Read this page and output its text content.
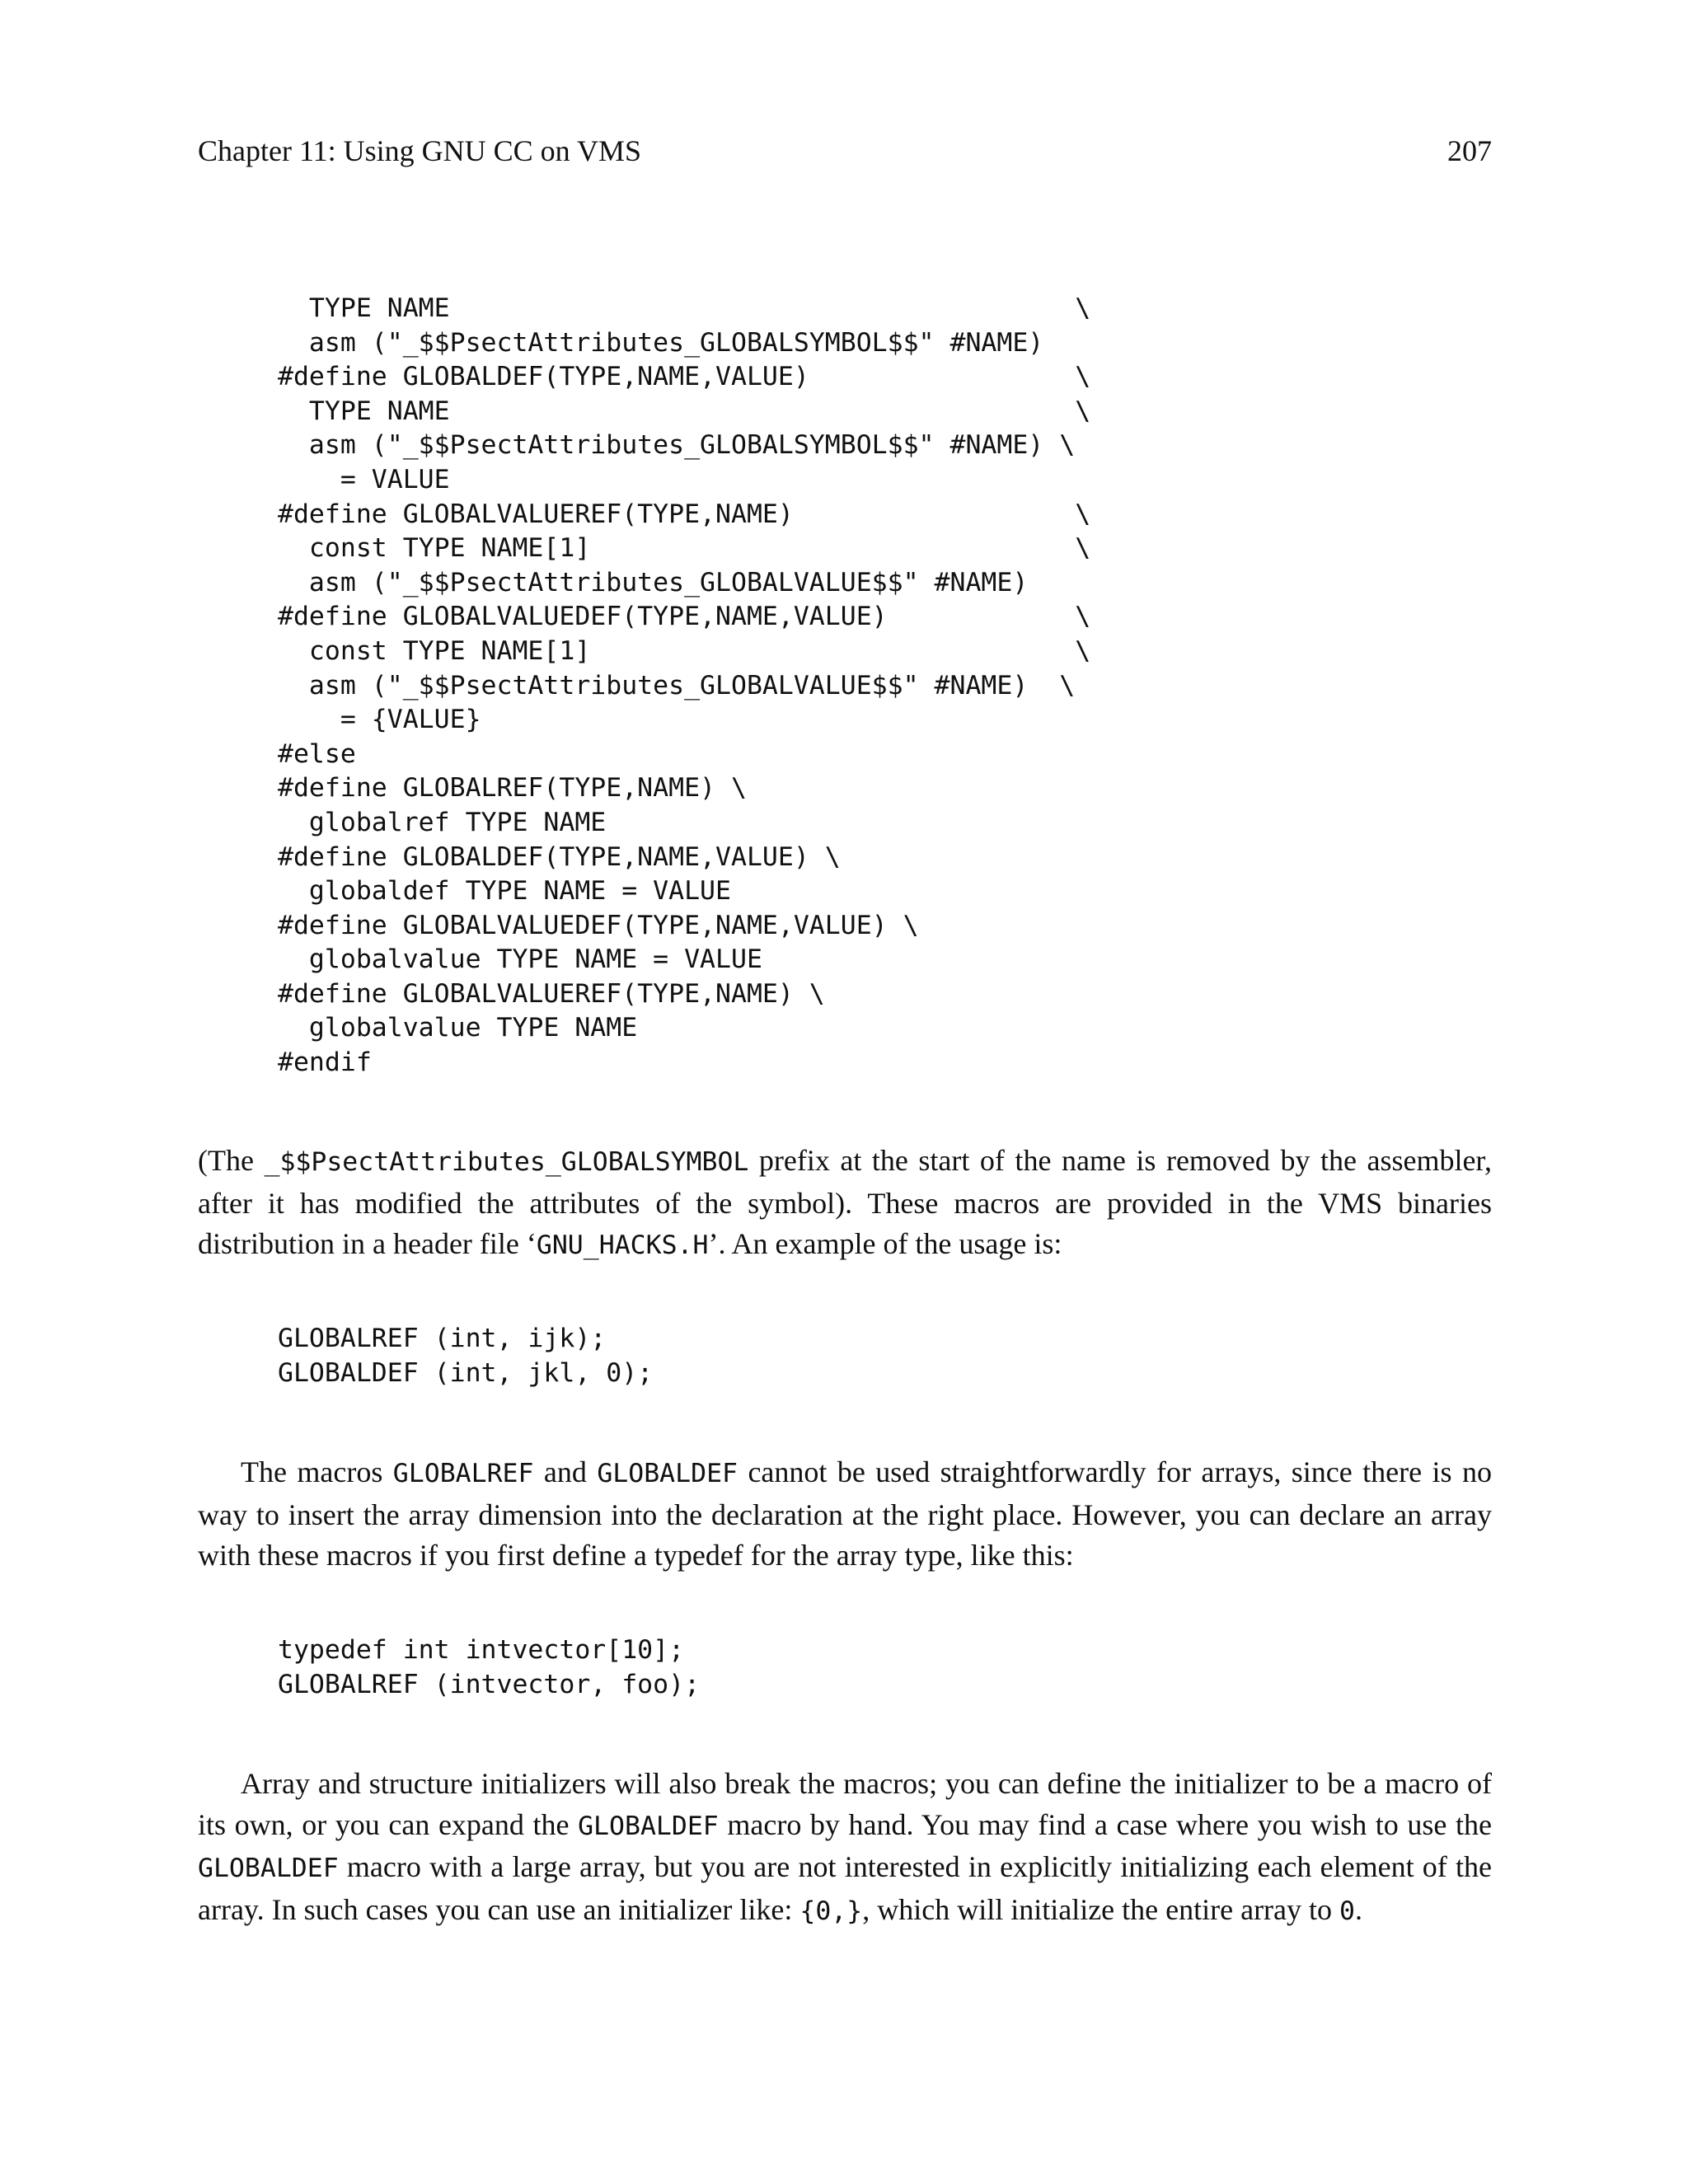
Chapter 11: Using GNU CC on VMS	207
TYPE NAME                                        \
asm ("_$$PsectAttributes_GLOBALSYMBOL$$" #NAME)
#define GLOBALDEF(TYPE,NAME,VALUE)                 \
TYPE NAME                                        \
asm ("_$$PsectAttributes_GLOBALSYMBOL$$" #NAME) \
= VALUE
#define GLOBALVALUEREF(TYPE,NAME)                  \
const TYPE NAME[1]                               \
asm ("_$$PsectAttributes_GLOBALVALUE$$" #NAME)
#define GLOBALVALUEDEF(TYPE,NAME,VALUE)            \
const TYPE NAME[1]                               \
asm ("_$$PsectAttributes_GLOBALVALUE$$" #NAME)  \
= {VALUE}
#else
#define GLOBALREF(TYPE,NAME) \
globalref TYPE NAME
#define GLOBALDEF(TYPE,NAME,VALUE) \
globaldef TYPE NAME = VALUE
#define GLOBALVALUEDEF(TYPE,NAME,VALUE) \
globalvalue TYPE NAME = VALUE
#define GLOBALVALUEREF(TYPE,NAME) \
globalvalue TYPE NAME
#endif

(The _$$PsectAttributes_GLOBALSYMBOL prefix at the start of the name is removed by the assembler, after it has modified the attributes of the symbol). These macros are provided in the VMS binaries distribution in a header file ‘GNU_HACKS.H’. An example of the usage is:

GLOBALREF (int, ijk);
GLOBALDEF (int, jkl, 0);

The macros GLOBALREF and GLOBALDEF cannot be used straightforwardly for arrays, since there is no way to insert the array dimension into the declaration at the right place. However, you can declare an array with these macros if you first define a typedef for the array type, like this:

typedef int intvector[10];
GLOBALREF (intvector, foo);

Array and structure initializers will also break the macros; you can define the initializer to be a macro of its own, or you can expand the GLOBALDEF macro by hand. You may find a case where you wish to use the GLOBALDEF macro with a large array, but you are not interested in explicitly initializing each element of the array. In such cases you can use an initializer like: {0,}, which will initialize the entire array to 0.
